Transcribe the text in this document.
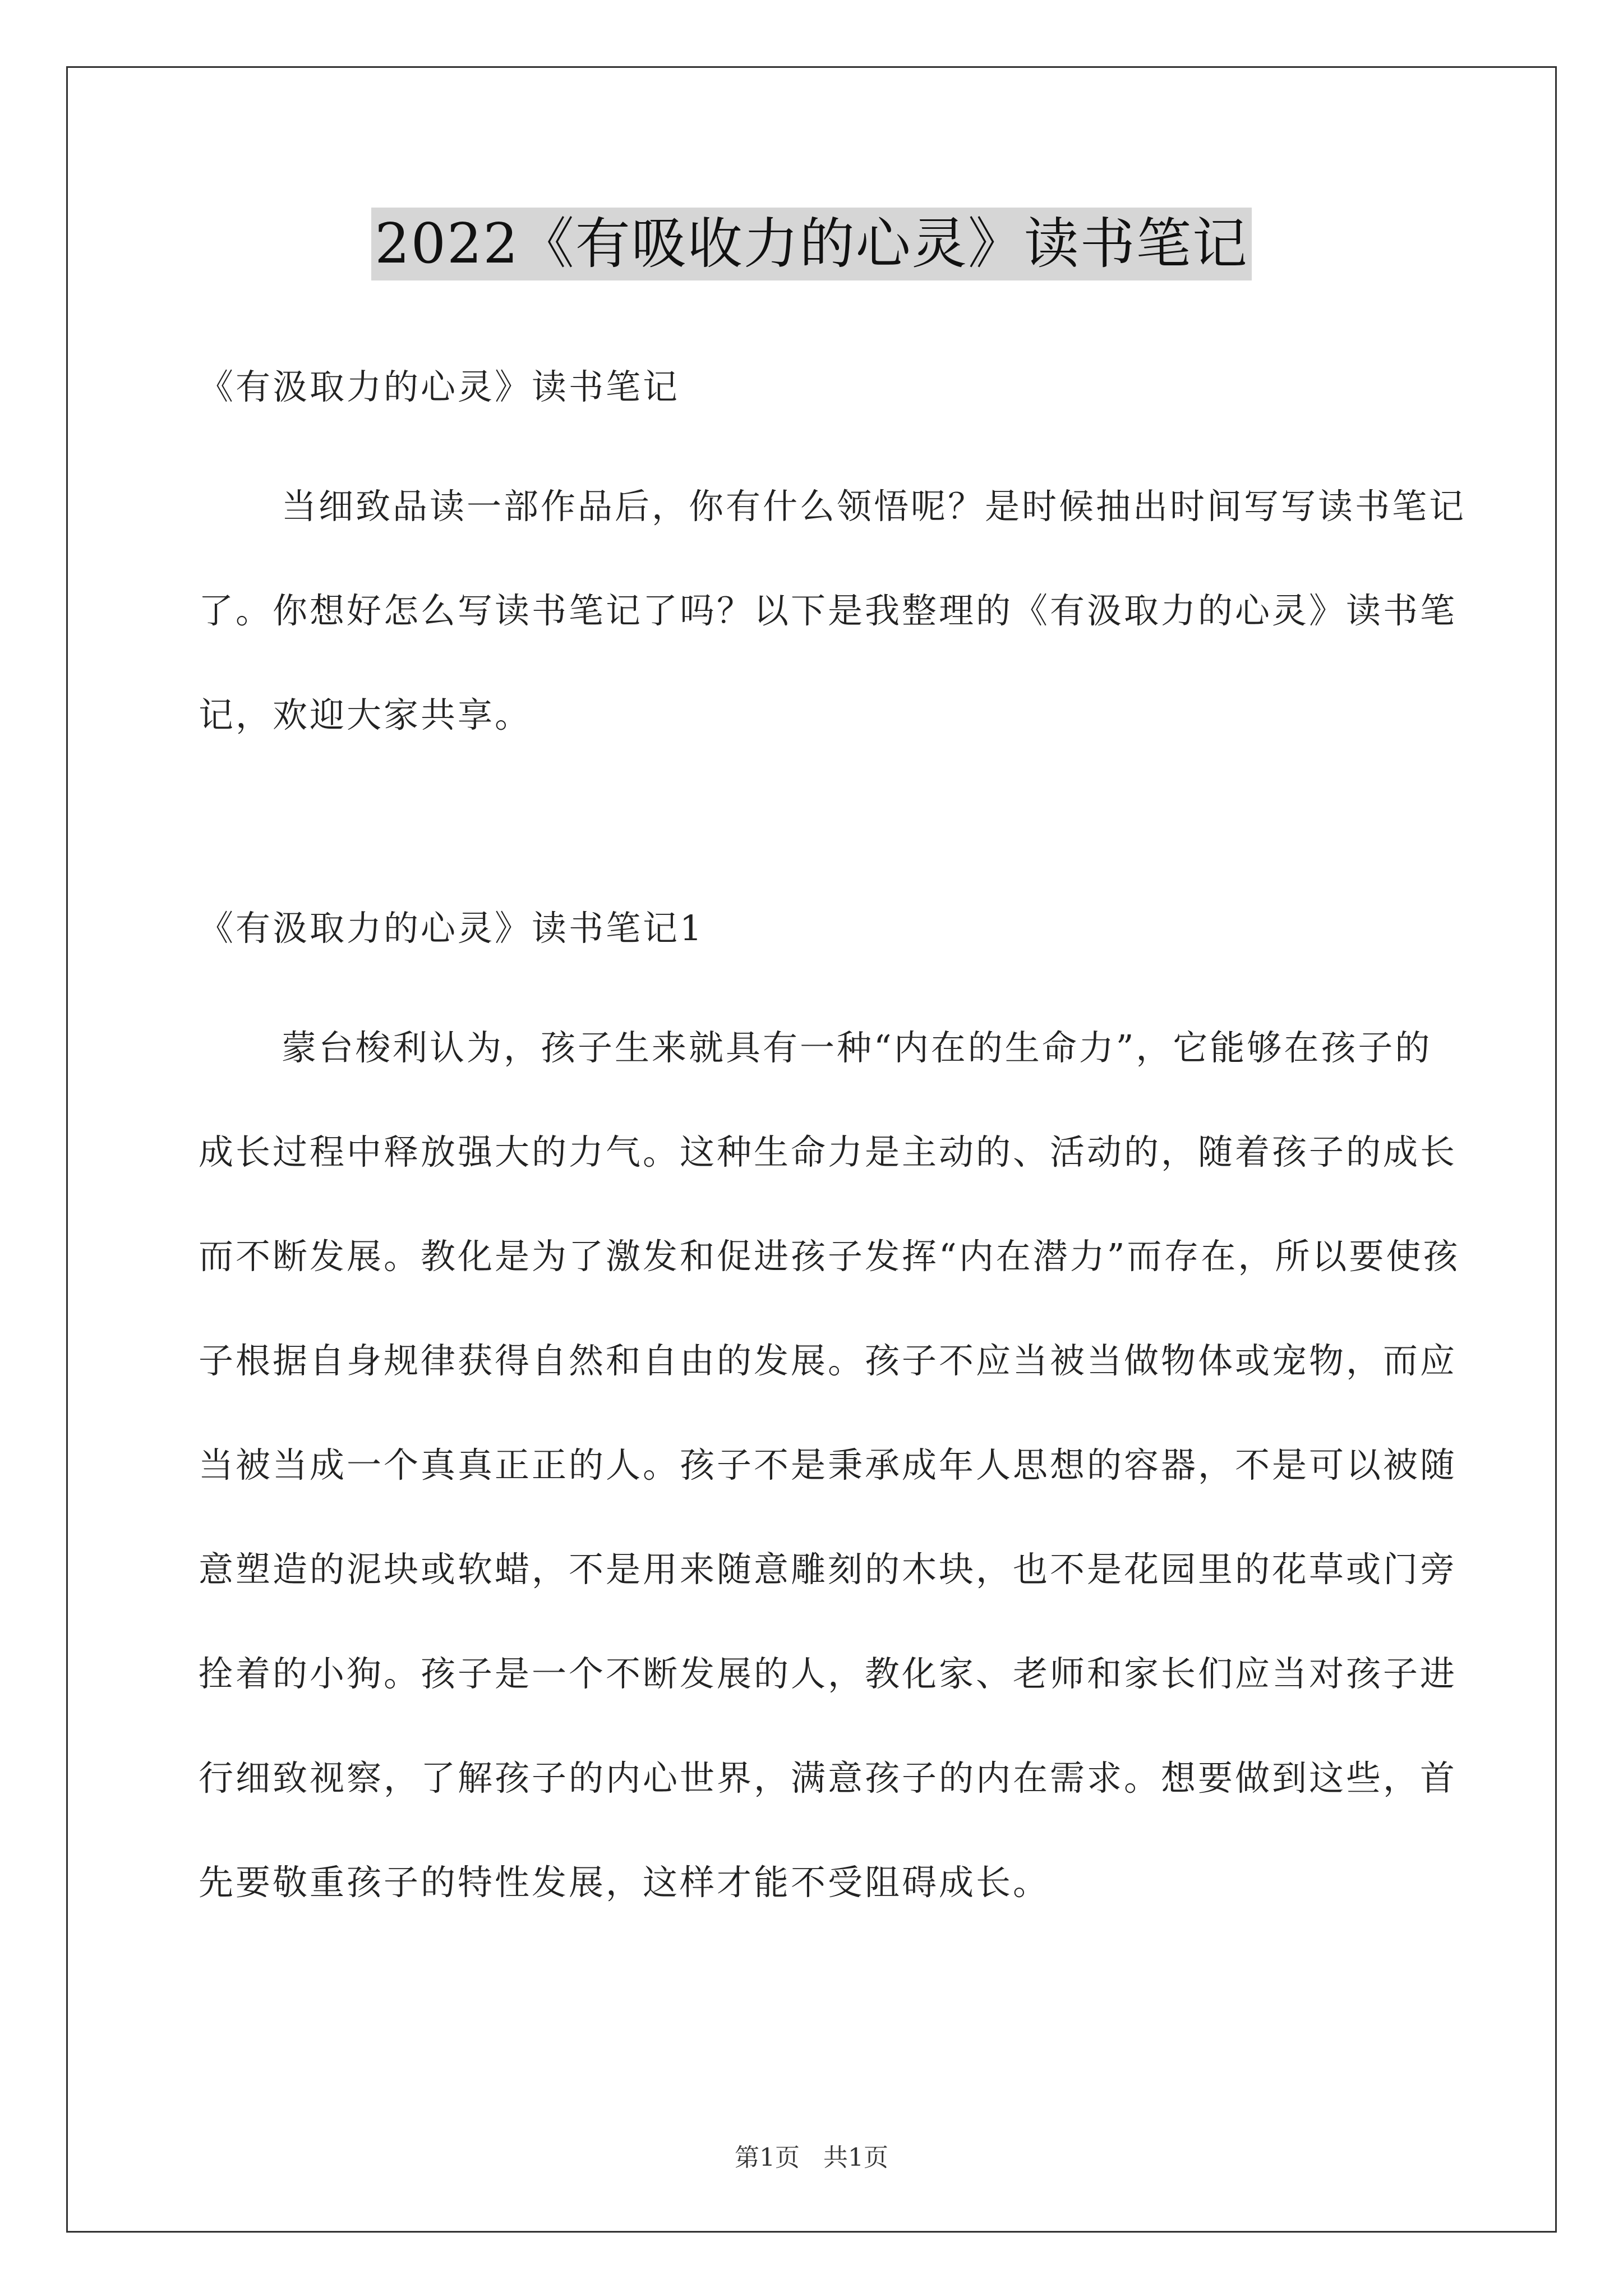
2022《有吸收力的心灵》读书笔记
《有汲取力的心灵》读书笔记
当细致品读一部作品后，你有什么领悟呢？是时候抽出时间写写读书笔记了。你想好怎么写读书笔记了吗？以下是我整理的《有汲取力的心灵》读书笔记，欢迎大家共享。
《有汲取力的心灵》读书笔记1
蒙台梭利认为，孩子生来就具有一种“内在的生命力”，它能够在孩子的成长过程中释放强大的力气。这种生命力是主动的、活动的，随着孩子的成长而不断发展。教化是为了激发和促进孩子发挥“内在潜力”而存在，所以要使孩子根据自身规律获得自然和自由的发展。孩子不应当被当做物体或宠物，而应当被当成一个真真正正的人。孩子不是秉承成年人思想的容器，不是可以被随意塑造的泥块或软蜡，不是用来随意雕刻的木块，也不是花园里的花草或门旁拴着的小狗。孩子是一个不断发展的人，教化家、老师和家长们应当对孩子进行细致视察，了解孩子的内心世界，满意孩子的内在需求。想要做到这些，首先要敬重孩子的特性发展，这样才能不受阻碍成长。
第1页 共1页
